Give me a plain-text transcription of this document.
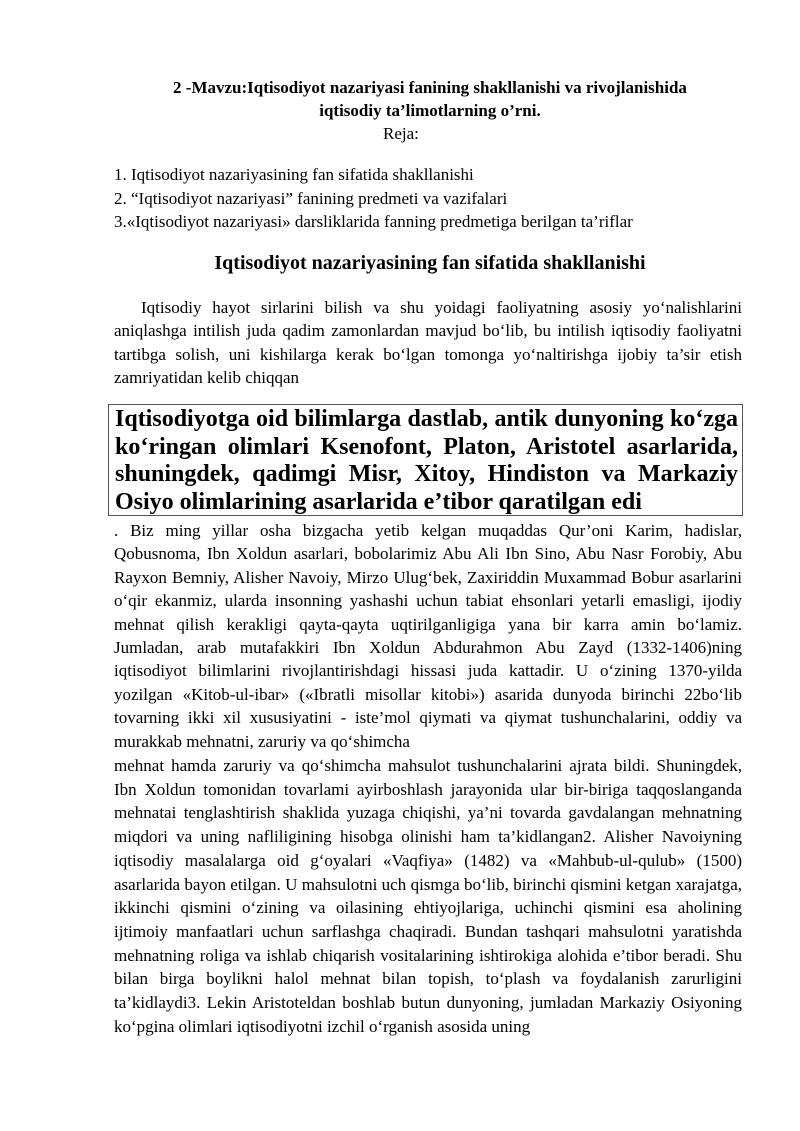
2 -Mavzu:Iqtisodiyot nazariyasi fanining shakllanishi va rivojlanishida
iqtisodiy ta’limotlarning o’rni.
Reja:
1. Iqtisodiyot nazariyasining fan sifatida shakllanishi
2. “Iqtisodiyot nazariyasi” fanining predmeti va vazifalari
3.«Iqtisodiyot nazariyasi» darsliklarida fanning predmetiga berilgan ta’riflar
Iqtisodiyot nazariyasining fan sifatida shakllanishi

Iqtisodiy hayot sirlarini bilish va shu yoidagi faoliyatning asosiy yo‘nalishlarini aniqlashga intilish juda qadim zamonlardan mavjud bo‘lib, bu intilish iqtisodiy faoliyatni tartibga solish, uni kishilarga kerak bo‘lgan tomonga yo‘naltirishga ijobiy ta’sir etish zamriyatidan kelib chiqqan

Iqtisodiyotga oid bilimlarga dastlab, antik dunyoning ko‘zga ko‘ringan olimlari Ksenofont, Platon, Aristotel asarlarida, shuningdek, qadimgi Misr, Xitoy, Hindiston va Markaziy Osiyo olimlarining asarlarida e’tibor qaratilgan edi

. Biz ming yillar osha bizgacha yetib kelgan muqaddas Qur’oni Karim, hadislar, Qobusnoma, Ibn Xoldun asarlari, bobolarimiz Abu Ali Ibn Sino, Abu Nasr Forobiy, Abu Rayxon Bemniy, Alisher Navoiy, Mirzo Ulug‘bek, Zaxiriddin Muxammad Bobur asarlarini o‘qir ekanmiz, ularda insonning yashashi uchun tabiat ehsonlari yetarli emasligi, ijodiy mehnat qilish kerakligi qayta-qayta uqtirilganligiga yana bir karra amin bo‘lamiz. Jumladan, arab mutafakkiri Ibn Xoldun Abdurahmon Abu Zayd (1332-1406)ning iqtisodiyot bilimlarini rivojlantirishdagi hissasi juda kattadir. U o‘zining 1370-yilda yozilgan «Kitob-ul-ibar» («Ibratli misollar kitobi») asarida dunyoda birinchi 22bo‘lib tovarning ikki xil xususiyatini - iste’mol qiymati va qiymat tushunchalarini, oddiy va murakkab mehnatni, zaruriy va qo‘shimcha

mehnat hamda zaruriy va qo‘shimcha mahsulot tushunchalarini ajrata bildi. Shuningdek, Ibn Xoldun tomonidan tovarlami ayirboshlash jarayonida ular bir-biriga taqqoslanganda mehnatai tenglashtirish shaklida yuzaga chiqishi, ya’ni tovarda gavdalangan mehnatning miqdori va uning nafliligining hisobga olinishi ham ta’kidlangan2. Alisher Navoiyning iqtisodiy masalalarga oid g‘oyalari «Vaqfiya» (1482) va «Mahbub-ul-qulub» (1500) asarlarida bayon etilgan. U mahsulotni uch qismga bo‘lib, birinchi qismini ketgan xarajatga, ikkinchi qismini o‘zining va oilasining ehtiyojlariga, uchinchi qismini esa aholining ijtimoiy manfaatlari uchun sarflashga chaqiradi. Bundan tashqari mahsulotni yaratishda mehnatning roliga va ishlab chiqarish vositalarining ishtirokiga alohida e’tibor beradi. Shu bilan birga boylikni halol mehnat bilan topish, to‘plash va foydalanish zarurligini ta’kidlaydi3. Lekin Aristoteldan boshlab butun dunyoning, jumladan Markaziy Osiyoning ko‘pgina olimlari iqtisodiyotni izchil o‘rganish asosida uning
